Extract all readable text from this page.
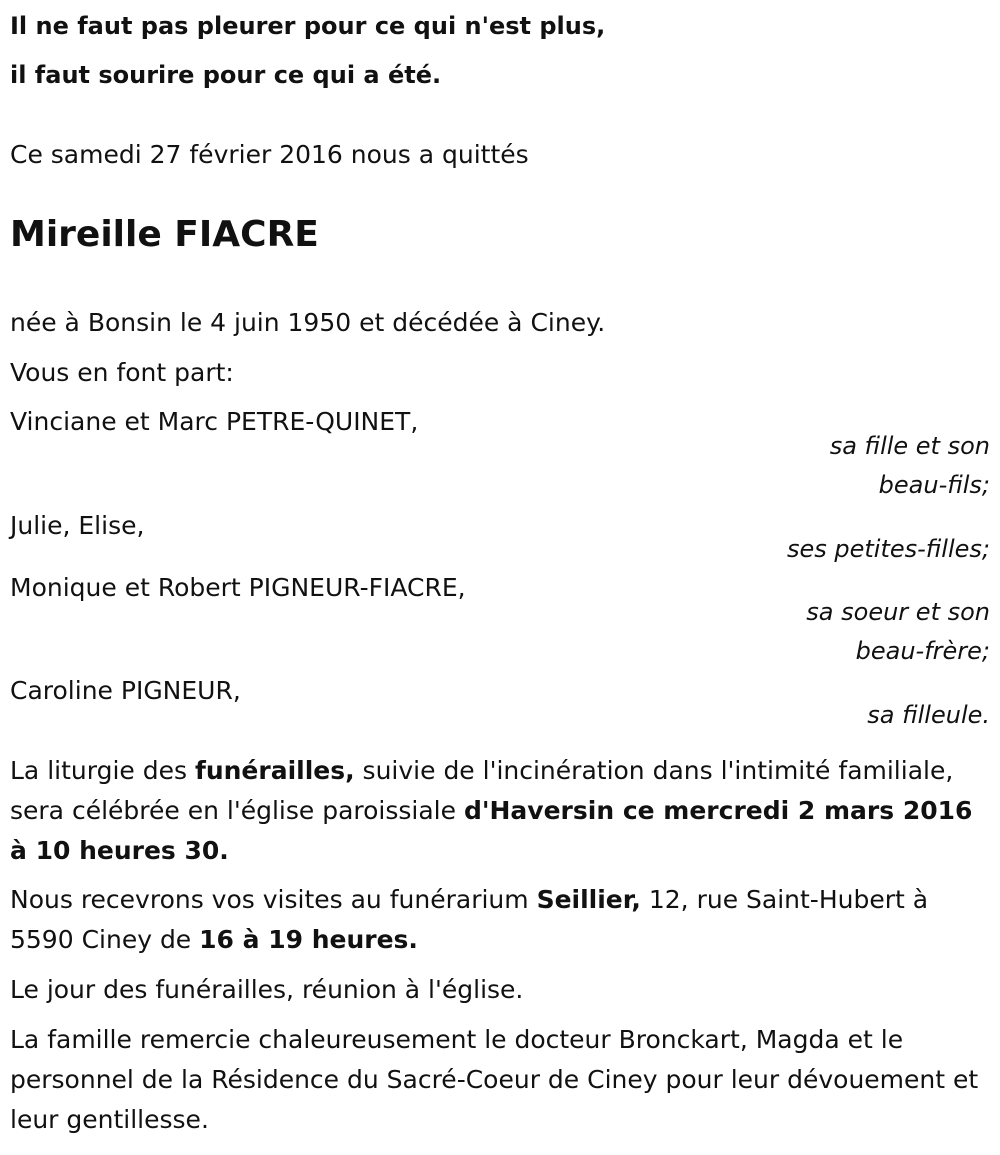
Il ne faut pas pleurer pour ce qui n'est plus,
il faut sourire pour ce qui a été.
Ce samedi 27 février 2016 nous a quittés
Mireille FIACRE
née à Bonsin le 4 juin 1950 et décédée à Ciney.
Vous en font part:
Vinciane et Marc PETRE-QUINET,
sa fille et son
beau-fils;
Julie, Elise,
ses petites-filles;
Monique et Robert PIGNEUR-FIACRE,
sa soeur et son
beau-frère;
Caroline PIGNEUR,
sa filleule.
La liturgie des funérailles, suivie de l'incinération dans l'intimité familiale, sera célébrée en l'église paroissiale d'Haversin ce mercredi 2 mars 2016 à 10 heures 30.
Nous recevrons vos visites au funérarium Seillier, 12, rue Saint-Hubert à 5590 Ciney de 16 à 19 heures.
Le jour des funérailles, réunion à l'église.
La famille remercie chaleureusement le docteur Bronckart, Magda et le personnel de la Résidence du Sacré-Coeur de Ciney pour leur dévouement et leur gentillesse.
